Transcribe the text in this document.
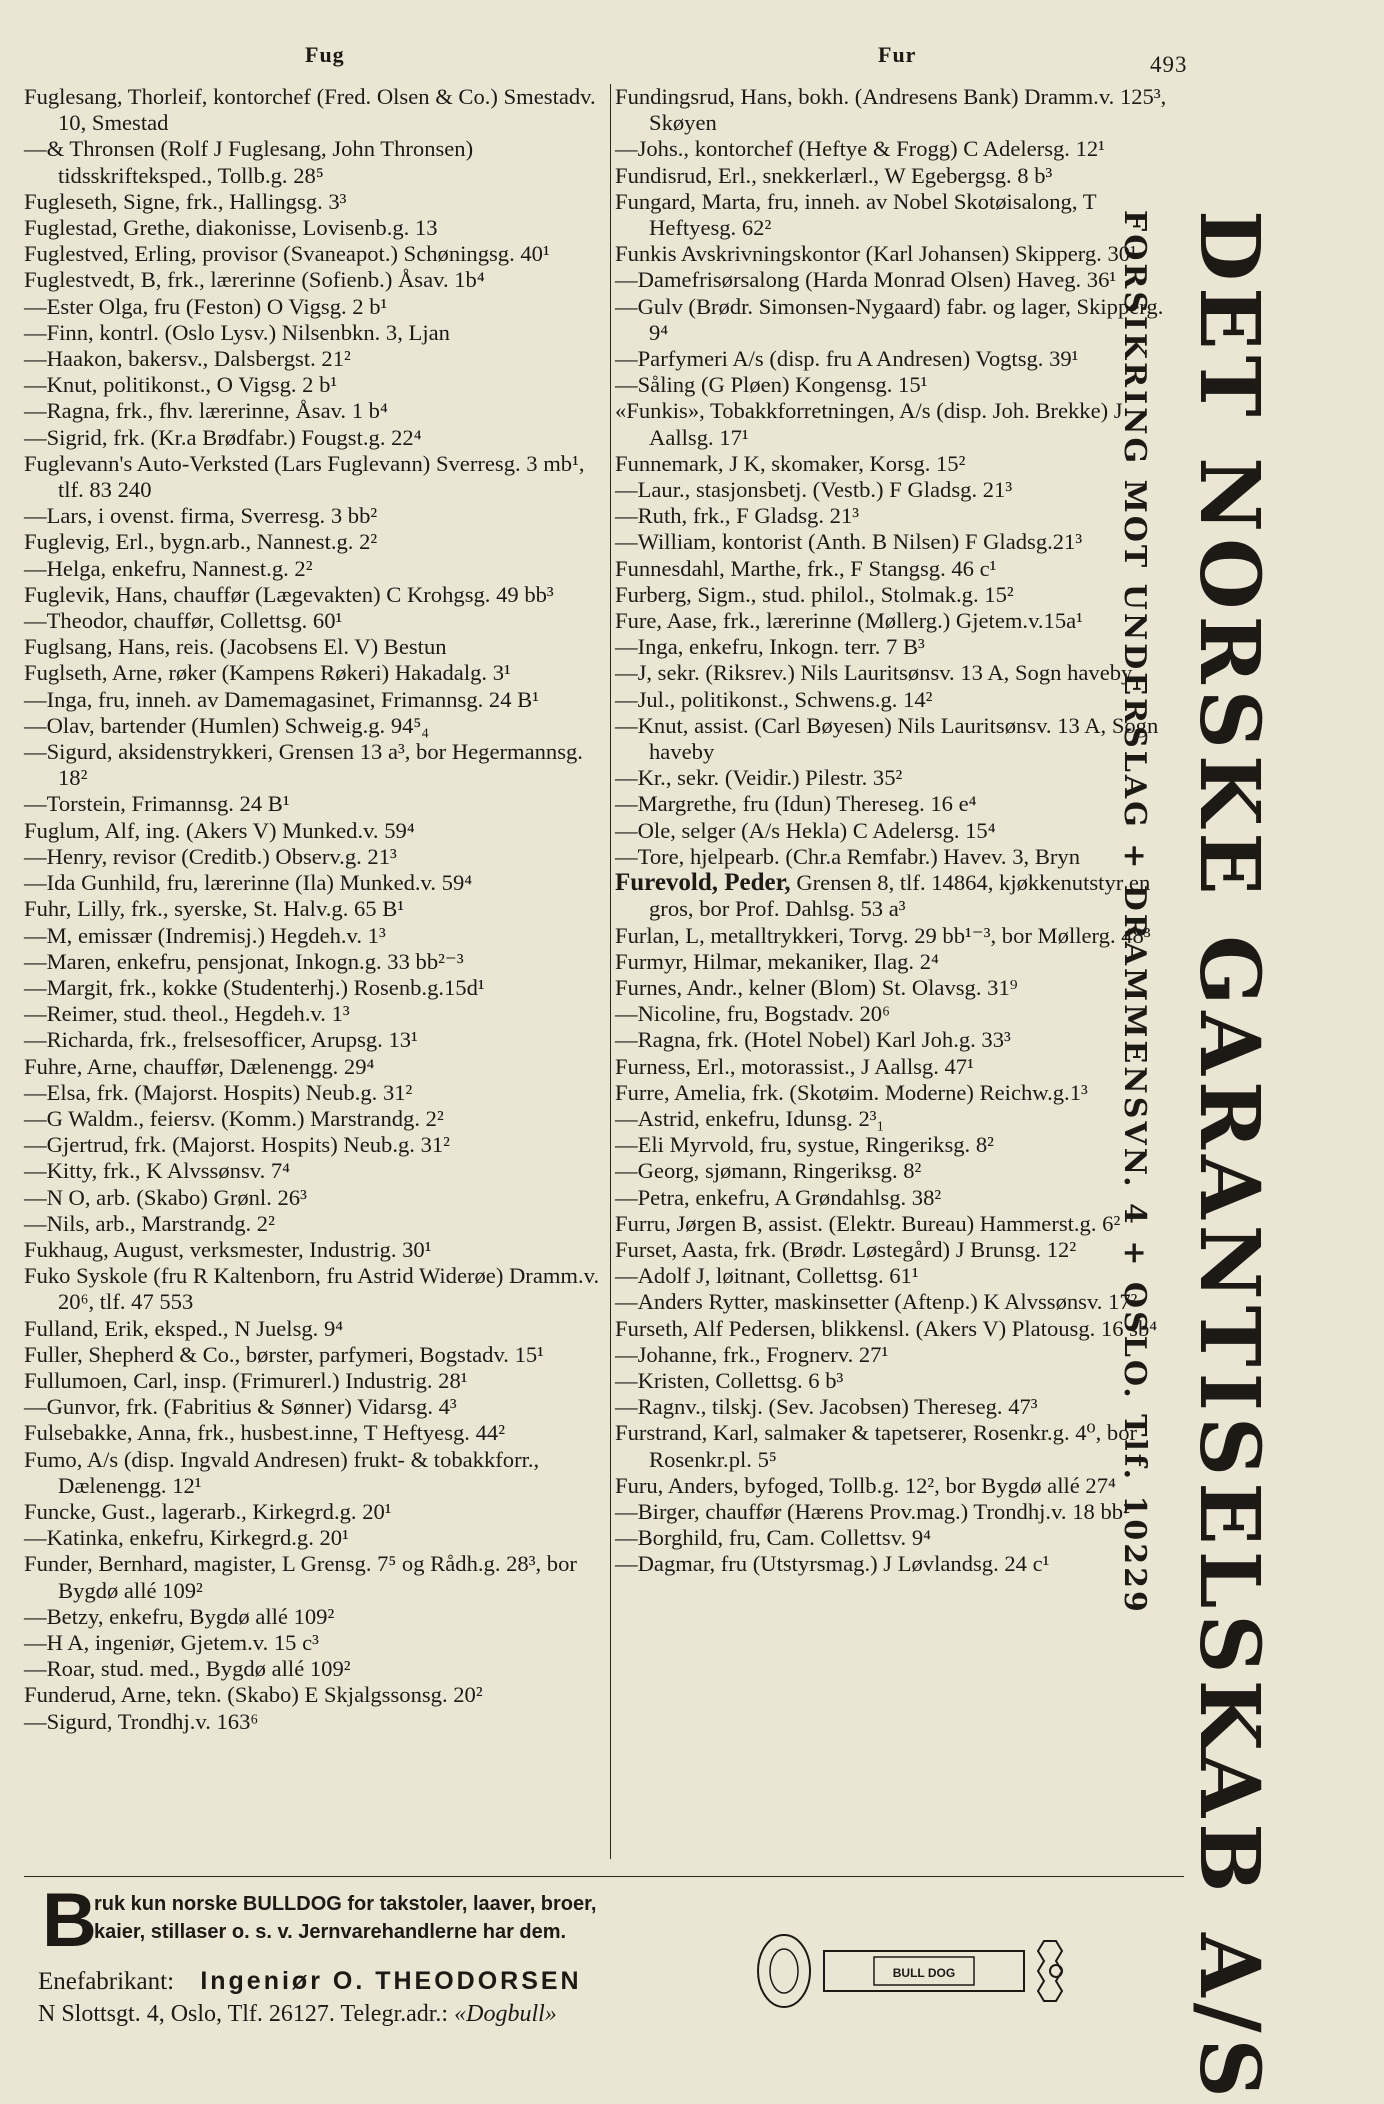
Fug	Fur	493

Fuglesang, Thorleif, kontorchef (Fred. Olsen & Co.) Smestadv. 10, Smestad

—& Thronsen (Rolf J Fuglesang, John Thronsen) tidsskrifteksped., Tollb.g. 28⁵

Fugleseth, Signe, frk., Hallingsg. 3³

Fuglestad, Grethe, diakonisse, Lovisenb.g. 13

Fuglestved, Erling, provisor (Svaneapot.) Schøningsg. 40¹

Fuglestvedt, B, frk., lærerinne (Sofienb.) Åsav. 1b⁴

—Ester Olga, fru (Feston) O Vigsg. 2 b¹

—Finn, kontrl. (Oslo Lysv.) Nilsenbkn. 3, Ljan

—Haakon, bakersv., Dalsbergst. 21²

—Knut, politikonst., O Vigsg. 2 b¹

—Ragna, frk., fhv. lærerinne, Åsav. 1 b⁴

—Sigrid, frk. (Kr.a Brødfabr.) Fougst.g. 22⁴

Fuglevann's Auto-Verksted (Lars Fuglevann) Sverresg. 3 mb¹, tlf. 83 240

—Lars, i ovenst. firma, Sverresg. 3 bb²

Fuglevig, Erl., bygn.arb., Nannest.g. 2²

—Helga, enkefru, Nannest.g. 2²

Fuglevik, Hans, chauffør (Lægevakten) C Krohgsg. 49 bb³

—Theodor, chauffør, Collettsg. 60¹

Fuglsang, Hans, reis. (Jacobsens El. V) Bestun

Fuglseth, Arne, røker (Kampens Røkeri) Hakadalg. 3¹

—Inga, fru, inneh. av Damemagasinet, Frimannsg. 24 B¹

—Olav, bartender (Humlen) Schweig.g. 94⁵₄

—Sigurd, aksidenstrykkeri, Grensen 13 a³, bor Hegermannsg. 18²

—Torstein, Frimannsg. 24 B¹

Fuglum, Alf, ing. (Akers V) Munked.v. 59⁴

—Henry, revisor (Creditb.) Observ.g. 21³

—Ida Gunhild, fru, lærerinne (Ila) Munked.v. 59⁴

Fuhr, Lilly, frk., syerske, St. Halv.g. 65 B¹

—M, emissær (Indremisj.) Hegdeh.v. 1³

—Maren, enkefru, pensjonat, Inkogn.g. 33 bb²⁻³

—Margit, frk., kokke (Studenterhj.) Rosenb.g.15d¹

—Reimer, stud. theol., Hegdeh.v. 1³

—Richarda, frk., frelsesofficer, Arupsg. 13¹

Fuhre, Arne, chauffør, Dælenengg. 29⁴

—Elsa, frk. (Majorst. Hospits) Neub.g. 31²

—G Waldm., feiersv. (Komm.) Marstrandg. 2²

—Gjertrud, frk. (Majorst. Hospits) Neub.g. 31²

—Kitty, frk., K Alvssønsv. 7⁴

—N O, arb. (Skabo) Grønl. 26³

—Nils, arb., Marstrandg. 2²

Fukhaug, August, verksmester, Industrig. 30¹

Fuko Syskole (fru R Kaltenborn, fru Astrid Widerøe) Dramm.v. 20⁶, tlf. 47 553

Fulland, Erik, eksped., N Juelsg. 9⁴

Fuller, Shepherd & Co., børster, parfymeri, Bogstadv. 15¹

Fullumoen, Carl, insp. (Frimurerl.) Industrig. 28¹

—Gunvor, frk. (Fabritius & Sønner) Vidarsg. 4³

Fulsebakke, Anna, frk., husbest.inne, T Heftyesg. 44²

Fumo, A/s (disp. Ingvald Andresen) frukt- & tobakkforr., Dælenengg. 12¹

Funcke, Gust., lagerarb., Kirkegrd.g. 20¹

—Katinka, enkefru, Kirkegrd.g. 20¹

Funder, Bernhard, magister, L Grensg. 7⁵ og Rådh.g. 28³, bor Bygdø allé 109²

—Betzy, enkefru, Bygdø allé 109²

—H A, ingeniør, Gjetem.v. 15 c³

—Roar, stud. med., Bygdø allé 109²

Funderud, Arne, tekn. (Skabo) E Skjalgssonsg. 20²

—Sigurd, Trondhj.v. 163⁶

Fundingsrud, Hans, bokh. (Andresens Bank) Dramm.v. 125³, Skøyen

—Johs., kontorchef (Heftye & Frogg) C Adelersg. 12¹

Fundisrud, Erl., snekkerlærl., W Egebergsg. 8 b³

Fungard, Marta, fru, inneh. av Nobel Skotøisalong, T Heftyesg. 62²

Funkis Avskrivningskontor (Karl Johansen) Skipperg. 30¹

—Damefrisørsalong (Harda Monrad Olsen) Haveg. 36¹

—Gulv (Brødr. Simonsen-Nygaard) fabr. og lager, Skipperg. 9⁴

—Parfymeri A/s (disp. fru A Andresen) Vogtsg. 39¹

—Såling (G Pløen) Kongensg. 15¹

«Funkis», Tobakkforretningen, A/s (disp. Joh. Brekke) J Aallsg. 17¹

Funnemark, J K, skomaker, Korsg. 15²

—Laur., stasjonsbetj. (Vestb.) F Gladsg. 21³

—Ruth, frk., F Gladsg. 21³

—William, kontorist (Anth. B Nilsen) F Gladsg.21³

Funnesdahl, Marthe, frk., F Stangsg. 46 c¹

Furberg, Sigm., stud. philol., Stolmak.g. 15²

Fure, Aase, frk., lærerinne (Møllerg.) Gjetem.v.15a¹

—Inga, enkefru, Inkogn. terr. 7 B³

—J, sekr. (Riksrev.) Nils Lauritsønsv. 13 A, Sogn haveby

—Jul., politikonst., Schwens.g. 14²

—Knut, assist. (Carl Bøyesen) Nils Lauritsønsv. 13 A, Sogn haveby

—Kr., sekr. (Veidir.) Pilestr. 35²

—Margrethe, fru (Idun) Thereseg. 16 e⁴

—Ole, selger (A/s Hekla) C Adelersg. 15⁴

—Tore, hjelpearb. (Chr.a Remfabr.) Havev. 3, Bryn

Furevold, Peder, Grensen 8, tlf. 14864, kjøkkenutstyr en gros, bor Prof. Dahlsg. 53 a³

Furlan, L, metalltrykkeri, Torvg. 29 bb¹⁻³, bor Møllerg. 48³

Furmyr, Hilmar, mekaniker, Ilag. 2⁴

Furnes, Andr., kelner (Blom) St. Olavsg. 31⁹

—Nicoline, fru, Bogstadv. 20⁶

—Ragna, frk. (Hotel Nobel) Karl Joh.g. 33³

Furness, Erl., motorassist., J Aallsg. 47¹

Furre, Amelia, frk. (Skotøim. Moderne) Reichw.g.1³

—Astrid, enkefru, Idunsg. 2³₁

—Eli Myrvold, fru, systue, Ringeriksg. 8²

—Georg, sjømann, Ringeriksg. 8²

—Petra, enkefru, A Grøndahlsg. 38²

Furru, Jørgen B, assist. (Elektr. Bureau) Hammerst.g. 6²

Furset, Aasta, frk. (Brødr. Løstegård) J Brunsg. 12²

—Adolf J, løitnant, Collettsg. 61¹

—Anders Rytter, maskinsetter (Aftenp.) K Alvssønsv. 17²

Furseth, Alf Pedersen, blikkensl. (Akers V) Platousg. 16 sb⁴

—Johanne, frk., Frognerv. 27¹

—Kristen, Collettsg. 6 b³

—Ragnv., tilskj. (Sev. Jacobsen) Thereseg. 47³

Furstrand, Karl, salmaker & tapetserer, Rosenkr.g. 4⁰, bor Rosenkr.pl. 5⁵

Furu, Anders, byfoged, Tollb.g. 12², bor Bygdø allé 27⁴

—Birger, chauffør (Hærens Prov.mag.) Trondhj.v. 18 bb²

—Borghild, fru, Cam. Collettsv. 9⁴

—Dagmar, fru (Utstyrsmag.) J Løvlandsg. 24 c¹	FORSIKRING MOT UNDERSLAG + DRAMMENSVN. 4 + OSLO. Tlf. 10229 DET NORSKE GARANTISELSKAB A/S
B
ruk kun norske BULLDOG for takstoler, laaver, broer,
kaier, stillaser o. s. v. Jernvarehandlerne har dem.
Enefabrikant: Ingeniør O. THEODORSEN
N Slottsgt. 4, Oslo, Tlf. 26127. Telegr.adr.: «Dogbull»
BULL DOG
